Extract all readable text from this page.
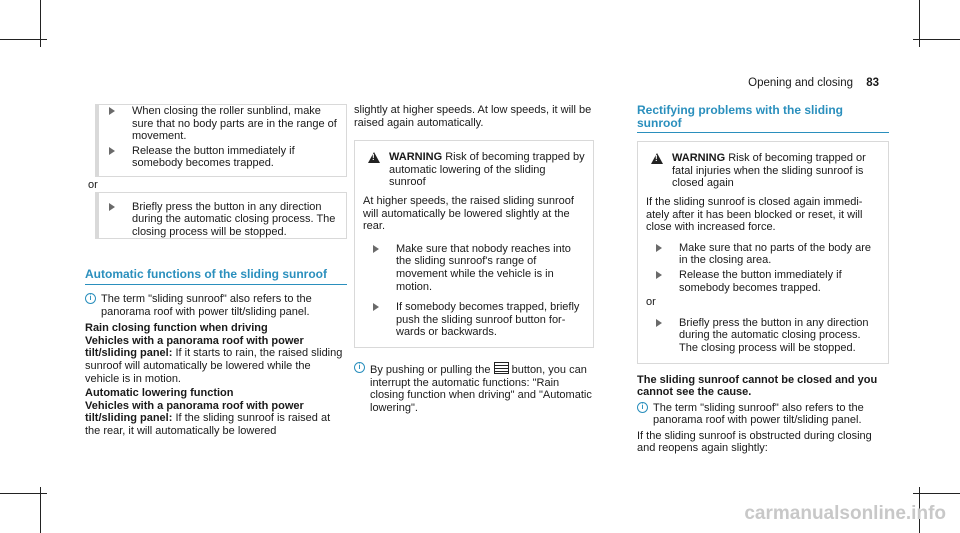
Opening and closing 83
When closing the roller sunblind, make sure that no body parts are in the range of movement.
Release the button immediately if somebody becomes trapped.
or
Briefly press the button in any direction during the automatic closing process. The closing process will be stopped.
Automatic functions of the sliding sunroof
i The term "sliding sunroof" also refers to the panorama roof with power tilt/sliding panel.
Rain closing function when driving
Vehicles with a panorama roof with power tilt/sliding panel: If it starts to rain, the raised sliding sunroof will automatically be lowered while the vehicle is in motion.
Automatic lowering function
Vehicles with a panorama roof with power tilt/sliding panel: If the sliding sunroof is raised at the rear, it will automatically be lowered
slightly at higher speeds. At low speeds, it will be raised again automatically.
! WARNING Risk of becoming trapped by automatic lowering of the sliding sunroof
At higher speeds, the raised sliding sunroof will automatically be lowered slightly at the rear.
Make sure that nobody reaches into the sliding sunroof's range of movement while the vehicle is in motion.
If somebody becomes trapped, briefly push the sliding sunroof button forwards or backwards.
i By pushing or pulling the button, you can interrupt the automatic functions: "Rain closing function when driving" and "Automatic lowering".
Rectifying problems with the sliding sunroof
! WARNING Risk of becoming trapped or fatal injuries when the sliding sunroof is closed again
If the sliding sunroof is closed again immediately after it has been blocked or reset, it will close with increased force.
Make sure that no parts of the body are in the closing area.
Release the button immediately if somebody becomes trapped.
or
Briefly press the button in any direction during the automatic closing process. The closing process will be stopped.
The sliding sunroof cannot be closed and you cannot see the cause.
i The term "sliding sunroof" also refers to the panorama roof with power tilt/sliding panel.
If the sliding sunroof is obstructed during closing and reopens again slightly:
carmanualsonline.info
